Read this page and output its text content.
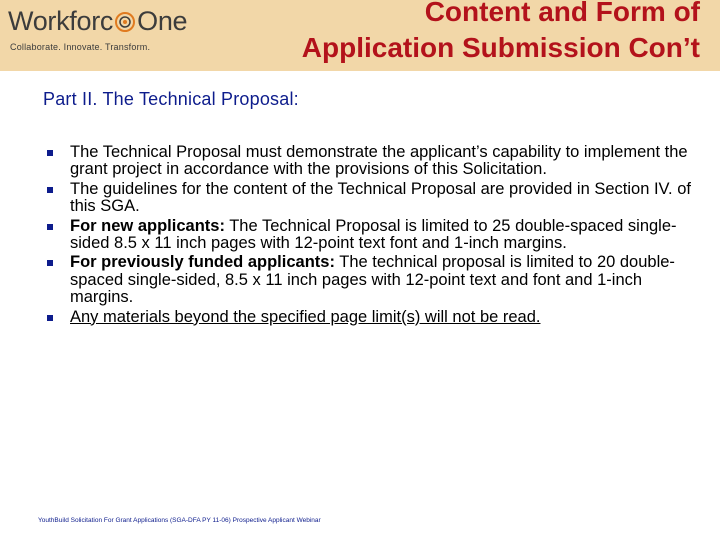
Workforc One
Collaborate. Innovate. Transform.
Content and Form of
Application Submission Con’t
Part II. The Technical Proposal:
The Technical Proposal must demonstrate the applicant’s capability to implement the grant project in accordance with the provisions of this Solicitation.
The guidelines for the content of the Technical Proposal are provided in Section IV. of this SGA.
For new applicants: The Technical Proposal is limited to 25 double-spaced single-sided 8.5 x 11 inch pages with 12-point text font and 1-inch margins.
For previously funded applicants: The technical proposal is limited to 20 double-spaced single-sided, 8.5 x 11 inch pages with 12-point text and font and 1-inch margins.
Any materials beyond the specified page limit(s) will not be read.
YouthBuild Solicitation For Grant Applications (SGA-DFA PY 11-06) Prospective Applicant Webinar
